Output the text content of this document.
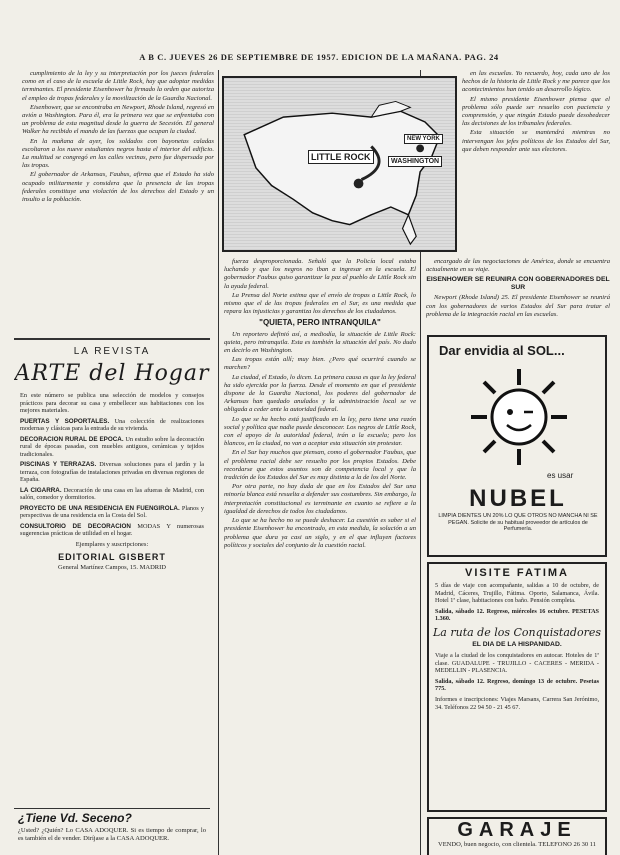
A B C. JUEVES 26 DE SEPTIEMBRE DE 1957. EDICION DE LA MAÑANA. PAG. 24

cumplimiento de la ley y su interpretación por los jueces federales como en el caso de la escuela de Little Rock, hay que adoptar medidas terminantes. El presidente Eisenhower ha firmado la orden que autoriza el empleo de tropas federales y la movilización de la Guardia Nacional.

Eisenhower, que se encontraba en Newport, Rhode Island, regresó en avión a Washington. Para él, era la primera vez que se enfrentaba con un problema de esta magnitud desde la guerra de Secesión. El general Walker ha recibido el mando de las fuerzas que ocupan la ciudad.

En la mañana de ayer, los soldados con bayonetas caladas escoltaron a los nueve estudiantes negros hasta el interior del edificio. La multitud se congregó en las calles vecinas, pero fue dispersada por las tropas.

El gobernador de Arkansas, Faubus, afirma que el Estado ha sido ocupado militarmente y considera que la presencia de las tropas federales constituye una violación de los derechos del Estado y un insulto a la población.

LITTLE ROCK	WASHINGTON
NEW YORK

en las escuelas. Yo recuerdo, hoy, cada uno de los hechos de la historia de Little Rock y me parece que los acontecimientos han tenido un desarrollo lógico.

El mismo presidente Eisenhower piensa que el problema sólo puede ser resuelto con paciencia y comprensión, y que ningún Estado puede desobedecer las decisiones de los tribunales federales.

Esta situación se mantendrá mientras no intervengan los jefes políticos de los Estados del Sur, que deben responder ante sus electores.

fuerza desproporcionada. Señaló que la Policía local estaba luchando y que los negros no iban a ingresar en la escuela. El gobernador Faubus quiso garantizar la paz al pueblo de Little Rock sin la ayuda federal.

La Prensa del Norte estima que el envío de tropas a Little Rock, lo mismo que el de las tropas federales en el Sur, es una medida que repara las injusticias y garantiza los derechos de los ciudadanos.

"QUIETA, PERO INTRANQUILA"

Un reportero definió así, a mediodía, la situación de Little Rock: quieta, pero intranquila. Esta es también la situación del país. No dudo en decirlo en Washington.

Las tropas están allí; muy bien. ¿Pero qué ocurrirá cuando se marchen?

La ciudad, el Estado, lo dicen. La primera causa es que la ley federal ha sido ejercida por la fuerza. Desde el momento en que el presidente dispone de la Guardia Nacional, los poderes del gobernador de Arkansas han quedado anulados y la administración local se ve obligada a ceder ante la autoridad federal.

Lo que se ha hecho está justificado en la ley, pero tiene una razón social y política que nadie puede desconocer. Los negros de Little Rock, con el apoyo de la autoridad federal, irán a la escuela; pero los blancos, en la ciudad, no van a aceptar esta situación sin protestar.

En el Sur hay muchos que piensan, como el gobernador Faubus, que el problema racial debe ser resuelto por los propios Estados. Debe recordarse que estos asuntos son de competencia local y que la tradición de los Estados del Sur es muy distinta a la de los del Norte.

Por otra parte, no hay duda de que en los Estados del Sur una minoría blanca está resuelta a defender sus costumbres. Sin embargo, la interpretación constitucional es terminante en cuanto se refiere a la igualdad de derechos de todos los ciudadanos.

Lo que se ha hecho no se puede deshacer. La cuestión es saber si el presidente Eisenhower ha encontrado, en esta medida, la solución a un problema que dura ya casi un siglo, y en el que influyen factores políticos y sociales del conjunto de la cuestión racial.

encargado de las negociaciones de América, donde se encuentra actualmente en su viaje.

EISENHOWER SE REUNIRA CON GOBERNADORES DEL SUR

Newport (Rhode Island) 25. El presidente Eisenhower se reunirá con los gobernadores de varios Estados del Sur para tratar el problema de la integración racial en las escuelas.

LA REVISTA
ARTE del Hogar
En este número se publica una selección de modelos y consejos prácticos para decorar su casa y embellecer sus habitaciones con los mejores materiales.
PUERTAS Y SOPORTALES. Una colección de realizaciones modernas y clásicas para la entrada de su vivienda.
DECORACION RURAL DE EPOCA. Un estudio sobre la decoración rural de épocas pasadas, con muebles antiguos, cerámicas y tejidos tradicionales.
PISCINAS Y TERRAZAS. Diversas soluciones para el jardín y la terraza, con fotografías de instalaciones privadas en diversas regiones de España.
LA CIGARRA. Decoración de una casa en las afueras de Madrid, con salón, comedor y dormitorios.
PROYECTO DE UNA RESIDENCIA EN FUENGIROLA. Planos y perspectivas de una residencia en la Costa del Sol.
CONSULTORIO DE DECORACION MODAS Y numerosas sugerencias prácticas de utilidad en el hogar.
Ejemplares y suscripciones:
EDITORIAL GISBERT
General Martínez Campos, 15. MADRID
¿Tiene Vd. Seceno?
¿Usted? ¿Quién? Lo CASA ADOQUER. Si es tiempo de comprar, lo es también el de vender. Diríjase a la CASA ADOQUER.
Dar envidia al SOL...
es usar
NUBEL
LIMPIA DIENTES UN 20% LO QUE OTROS NO MANCHA NI SE PEGAN. Solicite de su habitual proveedor de artículos de Perfumería.
VISITE FATIMA
5 días de viaje con acompañante, salidas a 10 de octubre, de Madrid, Cáceres, Trujillo, Fátima. Oporto, Salamanca, Ávila. Hotel 1ª clase, habitaciones con baño. Pensión completa.
Salida, sábado 12. Regreso, miércoles 16 octubre. PESETAS 1.360.
La ruta de los Conquistadores
EL DIA DE LA HISPANIDAD.
Viaje a la ciudad de los conquistadores en autocar. Hoteles de 1ª clase. GUADALUPE - TRUJILLO - CACERES - MERIDA - MEDELLIN - PLASENCIA.
Salida, sábado 12. Regreso, domingo 13 de octubre. Pesetas 775.
Informes e inscripciones: Viajes Marsans, Carrera San Jerónimo, 34. Teléfonos 22 94 50 - 21 45 67.
GARAJE
VENDO, buen negocio, con clientela. TELEFONO 26 30 11
